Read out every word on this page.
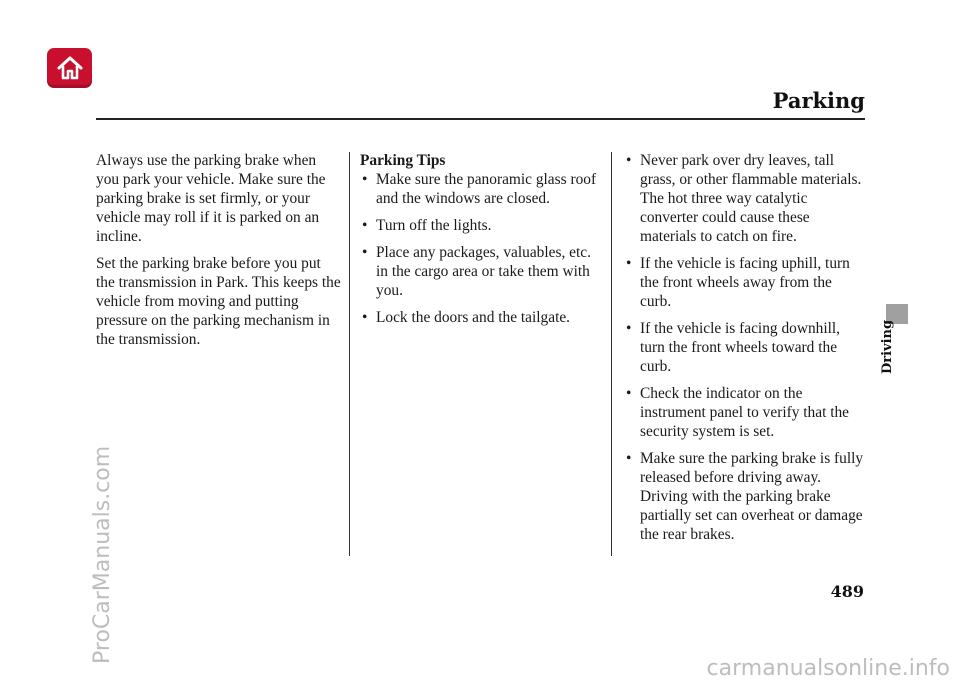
Parking

Always use the parking brake when you park your vehicle. Make sure the parking brake is set firmly, or your vehicle may roll if it is parked on an incline.

Set the parking brake before you put the transmission in Park. This keeps the vehicle from moving and putting pressure on the parking mechanism in the transmission.

Parking Tips
• Make sure the panoramic glass roof and the windows are closed.
• Turn off the lights.
• Place any packages, valuables, etc. in the cargo area or take them with you.
• Lock the doors and the tailgate.
• Never park over dry leaves, tall grass, or other flammable materials. The hot three way catalytic converter could cause these materials to catch on fire.
• If the vehicle is facing uphill, turn the front wheels away from the curb.
• If the vehicle is facing downhill, turn the front wheels toward the curb.
• Check the indicator on the instrument panel to verify that the security system is set.
• Make sure the parking brake is fully released before driving away. Driving with the parking brake partially set can overheat or damage the rear brakes.
Driving
489
ProCarManuals.com
carmanualsonline.info
